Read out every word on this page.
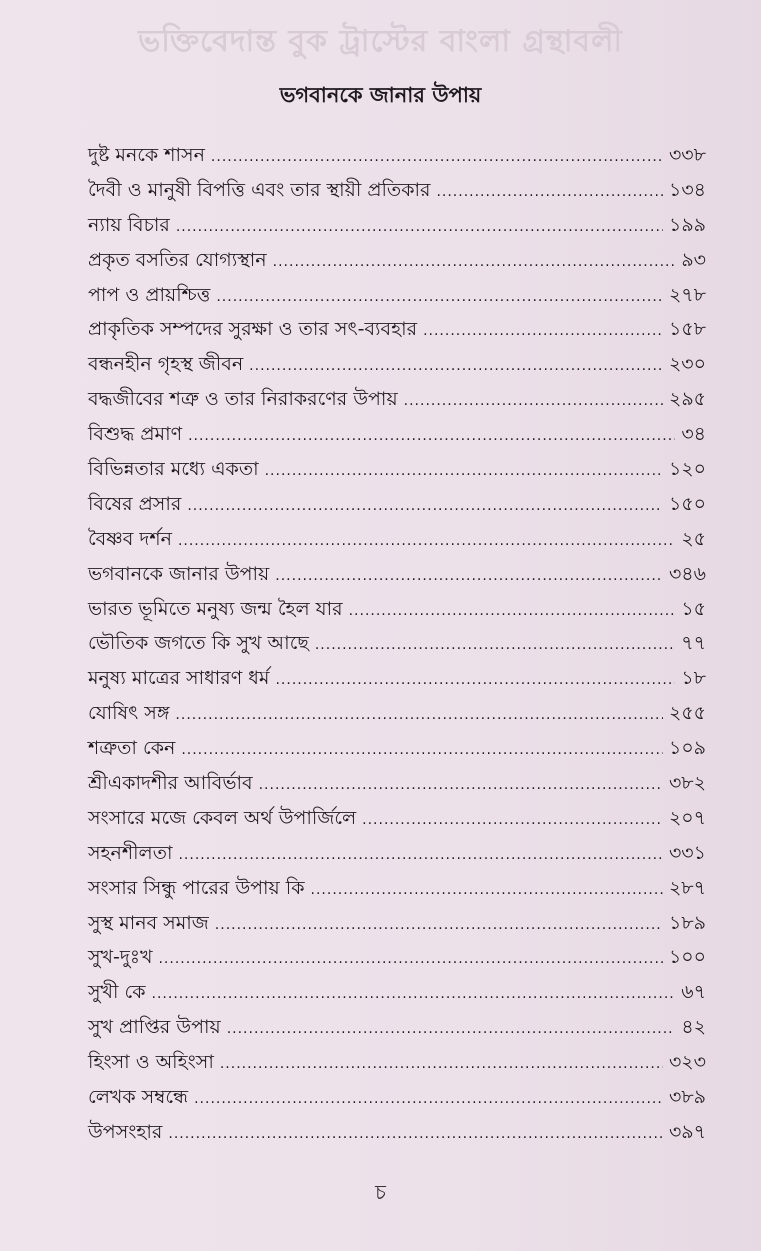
ভক্তিবেদান্ত বুক ট্রাস্টের বাংলা গ্রন্থাবলী
ভগবানকে জানার উপায়
দুষ্ট মনকে শাসন .....	৩৩৮
দৈবী ও মানুষী বিপত্তি এবং তার স্থায়ী প্রতিকার .....	১৩৪
ন্যায় বিচার .....	১৯৯
প্রকৃত বসতির যোগ্যস্থান .....	৯৩
পাপ ও প্রায়শ্চিত্ত .....	২৭৮
প্রাকৃতিক সম্পদের সুরক্ষা ও তার সৎ-ব্যবহার .....	১৫৮
বন্ধনহীন গৃহস্থ জীবন .....	২৩০
বদ্ধজীবের শত্রু ও তার নিরাকরণের উপায় .....	২৯৫
বিশুদ্ধ প্রমাণ .....	৩৪
বিভিন্নতার মধ্যে একতা .....	১২০
বিষের প্রসার .....	১৫০
বৈষ্ণব দর্শন .....	২৫
ভগবানকে জানার উপায় .....	৩৪৬
ভারত ভূমিতে মনুষ্য জন্ম হৈল যার .....	১৫
ভৌতিক জগতে কি সুখ আছে .....	৭৭
মনুষ্য মাত্রের সাধারণ ধর্ম .....	১৮
যোষিৎ সঙ্গ .....	২৫৫
শত্রুতা কেন .....	১০৯
শ্রীএকাদশীর আবির্ভাব .....	৩৮২
সংসারে মজে কেবল অর্থ উপার্জিলে .....	২০৭
সহনশীলতা .....	৩৩১
সংসার সিন্ধু পারের উপায় কি .....	২৮৭
সুস্থ মানব সমাজ .....	১৮৯
সুখ-দুঃখ .....	১০০
সুখী কে .....	৬৭
সুখ প্রাপ্তির উপায় .....	৪২
হিংসা ও অহিংসা .....	৩২৩
লেখক সম্বন্ধে .....	৩৮৯
উপসংহার .....	৩৯৭
চ
